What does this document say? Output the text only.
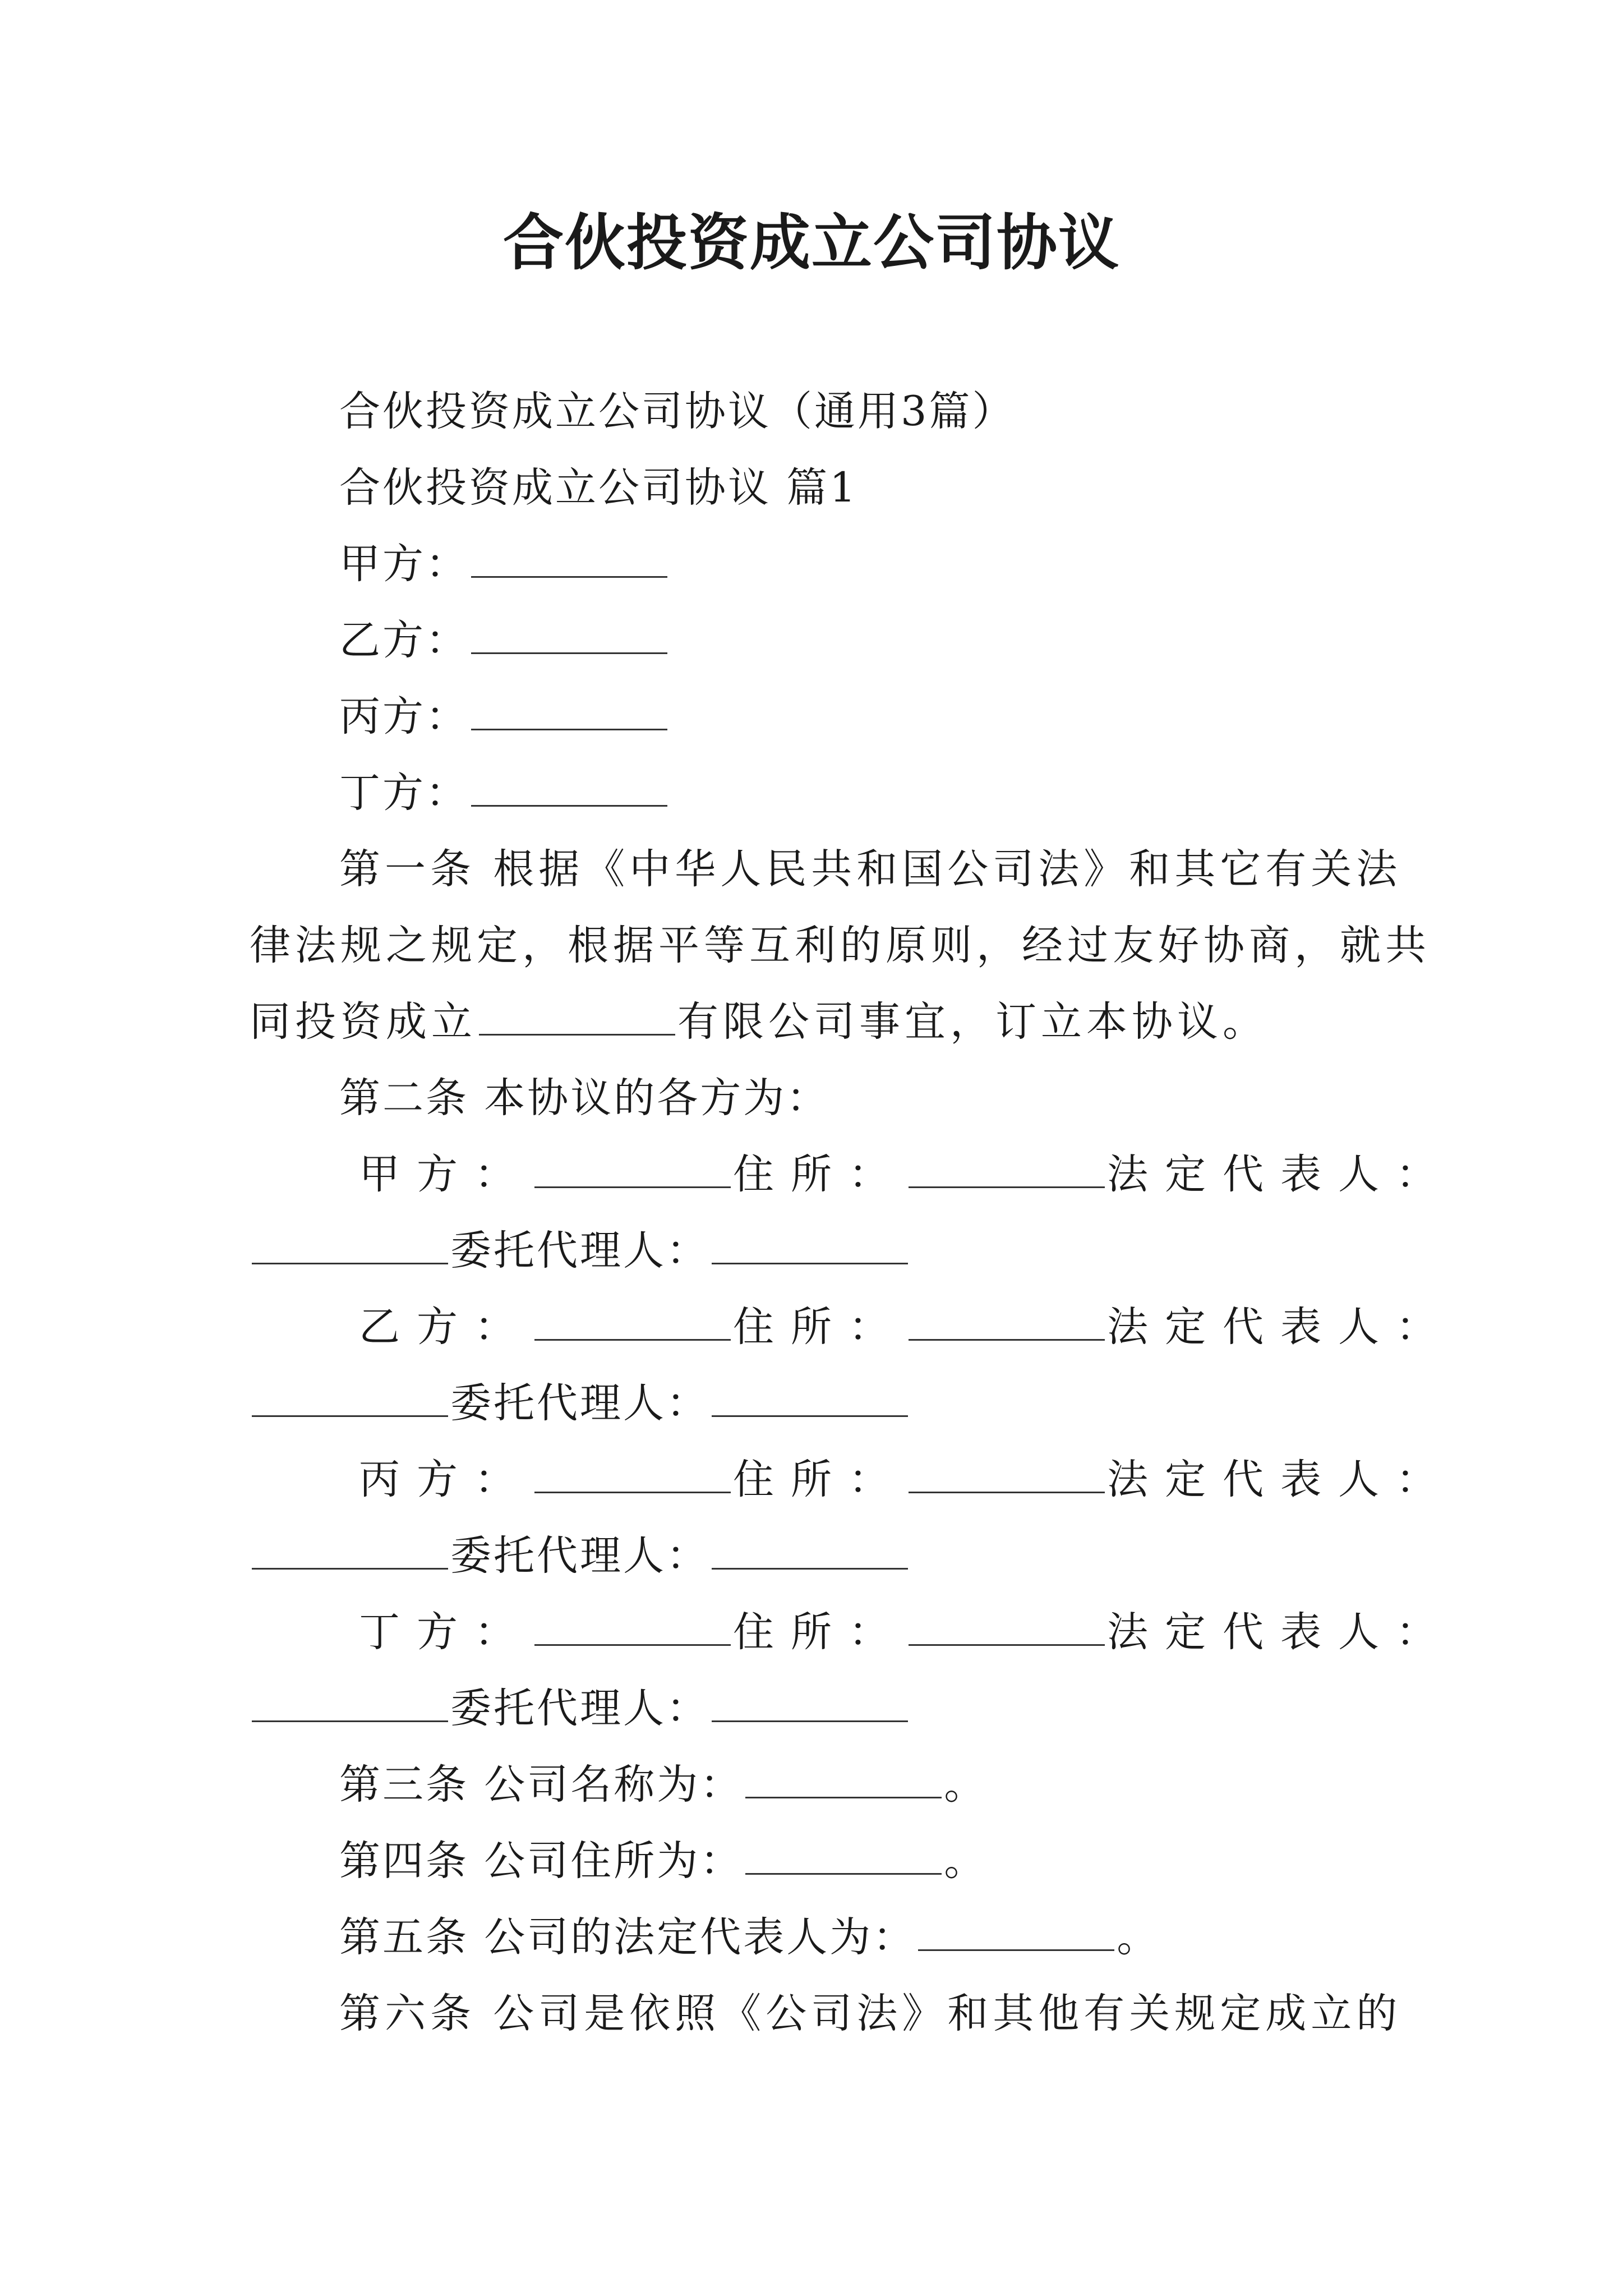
合伙投资成立公司协议
合伙投资成立公司协议（通用3篇）
合伙投资成立公司协议 篇1
甲方：
乙方：
丙方：
丁方：
第一条 根据《中华人民共和国公司法》和其它有关法
律法规之规定，根据平等互利的原则，经过友好协商，就共
同投资成立	有限公司事宜，订立本协议。
第二条 本协议的各方为：
甲方：	住所：	法定代表人：
委托代理人：
乙方：	住所：	法定代表人：
委托代理人：
丙方：	住所：	法定代表人：
委托代理人：
丁方：	住所：	法定代表人：
委托代理人：
第三条 公司名称为：	。
第四条 公司住所为：	。
第五条 公司的法定代表人为：	。
第六条 公司是依照《公司法》和其他有关规定成立的
